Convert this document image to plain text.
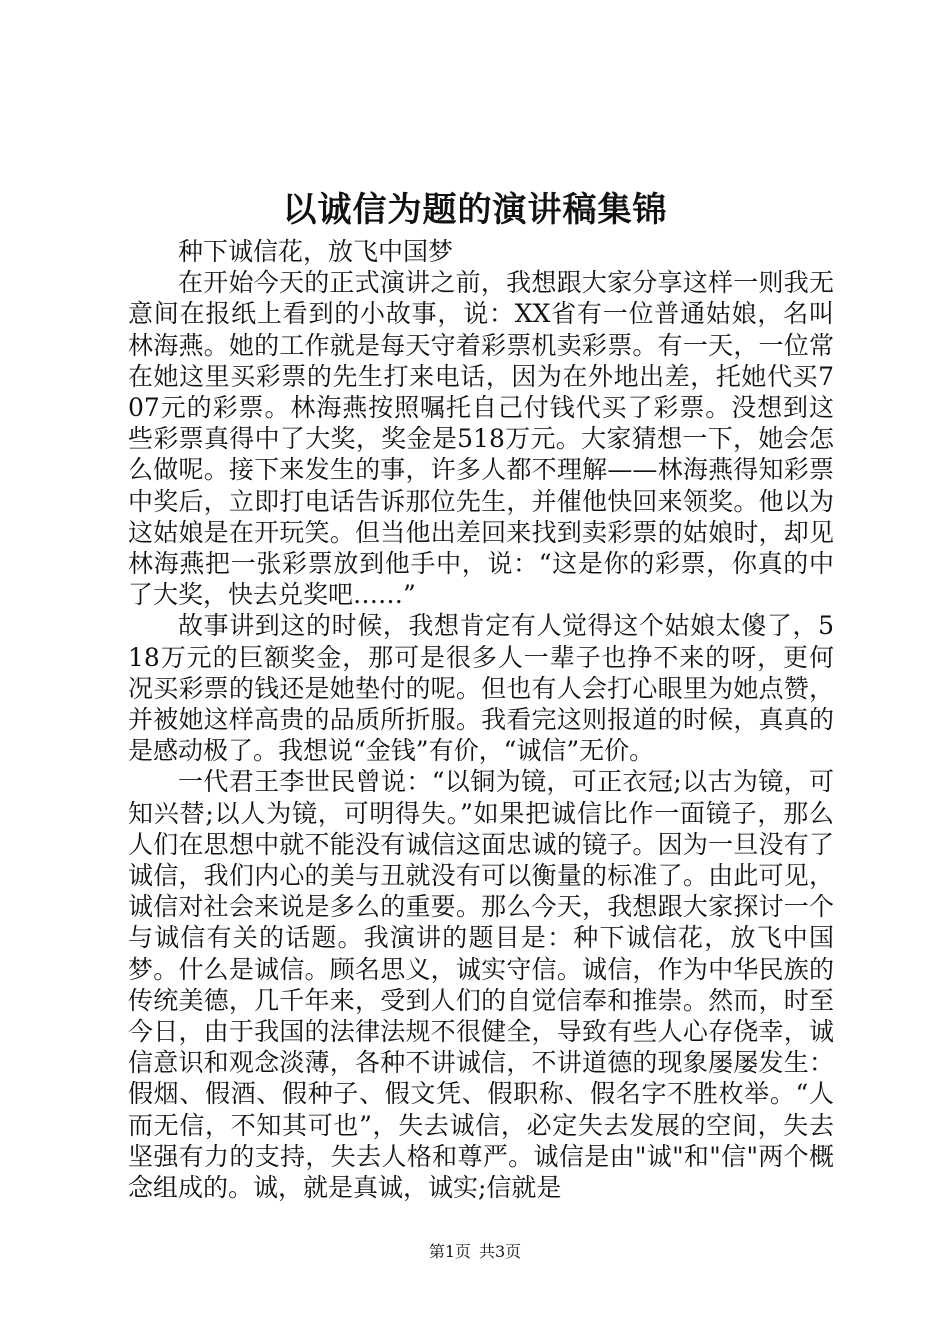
以诚信为题的演讲稿集锦

种下诚信花，放飞中国梦

在开始今天的正式演讲之前，我想跟大家分享这样一则我无意间在报纸上看到的小故事，说：XX省有一位普通姑娘，名叫林海燕。她的工作就是每天守着彩票机卖彩票。有一天，一位常在她这里买彩票的先生打来电话，因为在外地出差，托她代买707元的彩票。林海燕按照嘱托自己付钱代买了彩票。没想到这些彩票真得中了大奖，奖金是518万元。大家猜想一下，她会怎么做呢。接下来发生的事，许多人都不理解——林海燕得知彩票中奖后，立即打电话告诉那位先生，并催他快回来领奖。他以为这姑娘是在开玩笑。但当他出差回来找到卖彩票的姑娘时，却见林海燕把一张彩票放到他手中，说：“这是你的彩票，你真的中了大奖，快去兑奖吧……”

故事讲到这的时候，我想肯定有人觉得这个姑娘太傻了，518万元的巨额奖金，那可是很多人一辈子也挣不来的呀，更何况买彩票的钱还是她垫付的呢。但也有人会打心眼里为她点赞，并被她这样高贵的品质所折服。我看完这则报道的时候，真真的是感动极了。我想说“金钱”有价，“诚信”无价。

一代君王李世民曾说：“以铜为镜，可正衣冠;以古为镜，可知兴替;以人为镜，可明得失。”如果把诚信比作一面镜子，那么人们在思想中就不能没有诚信这面忠诚的镜子。因为一旦没有了诚信，我们内心的美与丑就没有可以衡量的标准了。由此可见，诚信对社会来说是多么的重要。那么今天，我想跟大家探讨一个与诚信有关的话题。我演讲的题目是：种下诚信花，放飞中国梦。什么是诚信。顾名思义，诚实守信。诚信，作为中华民族的传统美德，几千年来，受到人们的自觉信奉和推崇。然而，时至今日，由于我国的法律法规不很健全，导致有些人心存侥幸，诚信意识和观念淡薄，各种不讲诚信，不讲道德的现象屡屡发生：假烟、假酒、假种子、假文凭、假职称、假名字不胜枚举。“人而无信，不知其可也”，失去诚信，必定失去发展的空间，失去坚强有力的支持，失去人格和尊严。诚信是由"诚"和"信"两个概念组成的。诚，就是真诚，诚实;信就是

第1页 共3页
